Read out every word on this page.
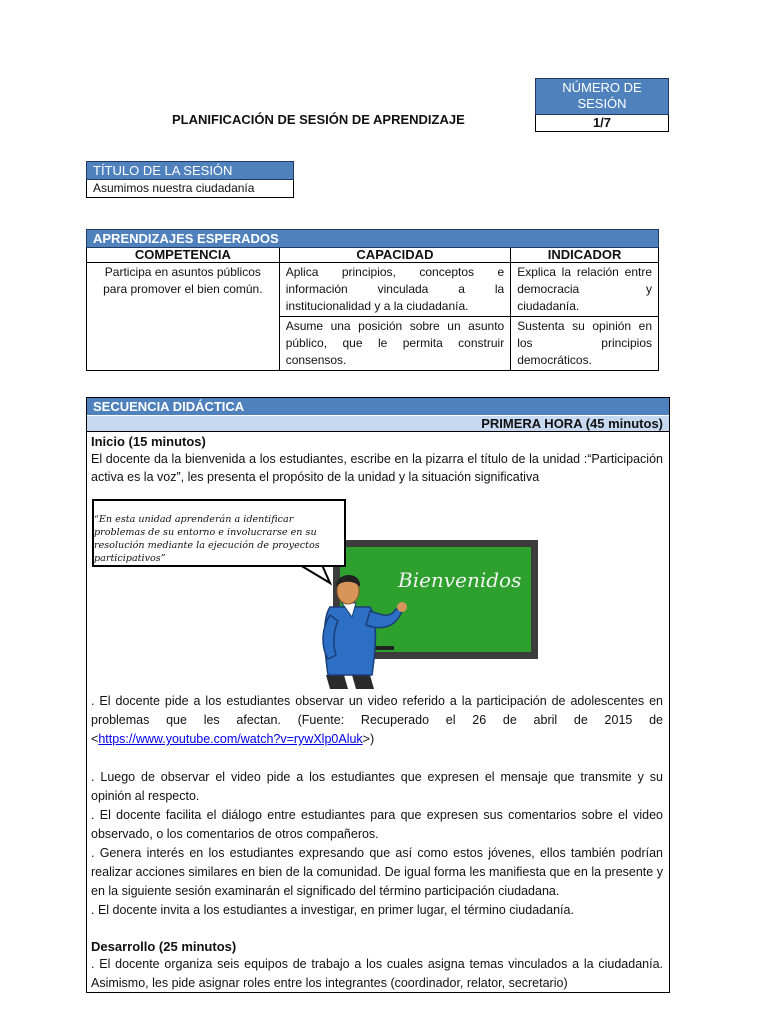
NÚMERO DE SESIÓN
1/7
PLANIFICACIÓN DE SESIÓN DE APRENDIZAJE
TÍTULO DE LA SESIÓN
Asumimos nuestra ciudadanía
APRENDIZAJES ESPERADOS		
COMPETENCIA	CAPACIDAD	INDICADOR
Participa en asuntos públicos para promover el bien común.	Aplica principios, conceptos e información vinculada a la institucionalidad y a la ciudadanía.	Explica la relación entre democracia y ciudadanía.
	Asume una posición sobre un asunto público, que le permita construir consensos.	Sustenta su opinión en los principios democráticos.
SECUENCIA DIDÁCTICA
PRIMERA HORA (45 minutos)
Inicio (15 minutos)

El docente da la bienvenida a los estudiantes, escribe en la pizarra el título de la unidad :“Participación activa es la voz”, les presenta el propósito de la unidad y la situación significativa

. El docente pide a los estudiantes observar un video referido a la participación de adolescentes en problemas que les afectan. (Fuente: Recuperado el 26 de abril de 2015 de <https://www.youtube.com/watch?v=rywXlp0Aluk>)

. Luego de observar el video pide a los estudiantes que expresen el mensaje que transmite y su opinión al respecto.

. El docente facilita el diálogo entre estudiantes para que expresen sus comentarios sobre el video observado, o los comentarios de otros compañeros.

. Genera interés en los estudiantes expresando que así como estos jóvenes, ellos también podrían realizar acciones similares en bien de la comunidad. De igual forma les manifiesta que en la presente y en la siguiente sesión examinarán el significado del término participación ciudadana.

. El docente invita a los estudiantes a investigar, en primer lugar, el término ciudadanía.

Desarrollo (25 minutos)

. El docente organiza seis equipos de trabajo a los cuales asigna temas vinculados a la ciudadanía. Asimismo, les pide asignar roles entre los integrantes (coordinador, relator, secretario)

Bienvenidos
“En esta unidad aprenderán a identificar problemas de su entorno e involucrarse en su resolución mediante la ejecución de proyectos participativos”
